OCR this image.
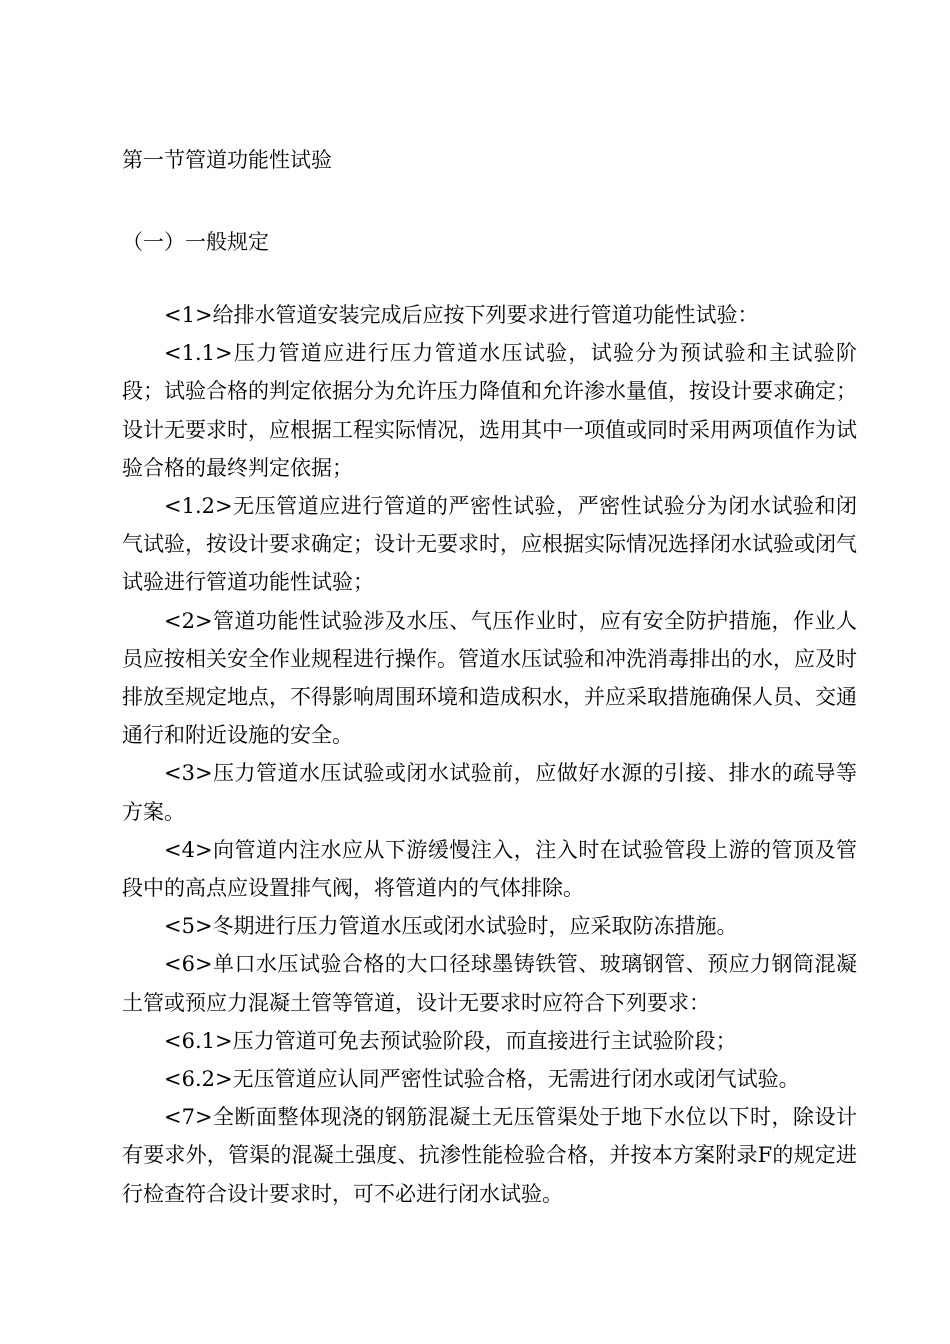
第一节管道功能性试验
（一）一般规定

<1>给排水管道安装完成后应按下列要求进行管道功能性试验：

<1.1>压力管道应进行压力管道水压试验，试验分为预试验和主试验阶段；试验合格的判定依据分为允许压力降值和允许渗水量值，按设计要求确定；设计无要求时，应根据工程实际情况，选用其中一项值或同时采用两项值作为试验合格的最终判定依据；

<1.2>无压管道应进行管道的严密性试验，严密性试验分为闭水试验和闭气试验，按设计要求确定；设计无要求时，应根据实际情况选择闭水试验或闭气试验进行管道功能性试验；

<2>管道功能性试验涉及水压、气压作业时，应有安全防护措施，作业人员应按相关安全作业规程进行操作。管道水压试验和冲洗消毒排出的水，应及时排放至规定地点，不得影响周围环境和造成积水，并应采取措施确保人员、交通通行和附近设施的安全。

<3>压力管道水压试验或闭水试验前，应做好水源的引接、排水的疏导等方案。

<4>向管道内注水应从下游缓慢注入，注入时在试验管段上游的管顶及管段中的高点应设置排气阀，将管道内的气体排除。

<5>冬期进行压力管道水压或闭水试验时，应采取防冻措施。

<6>单口水压试验合格的大口径球墨铸铁管、玻璃钢管、预应力钢筒混凝土管或预应力混凝土管等管道，设计无要求时应符合下列要求：

<6.1>压力管道可免去预试验阶段，而直接进行主试验阶段；

<6.2>无压管道应认同严密性试验合格，无需进行闭水或闭气试验。

<7>全断面整体现浇的钢筋混凝土无压管渠处于地下水位以下时，除设计有要求外，管渠的混凝土强度、抗渗性能检验合格，并按本方案附录F的规定进行检查符合设计要求时，可不必进行闭水试验。
